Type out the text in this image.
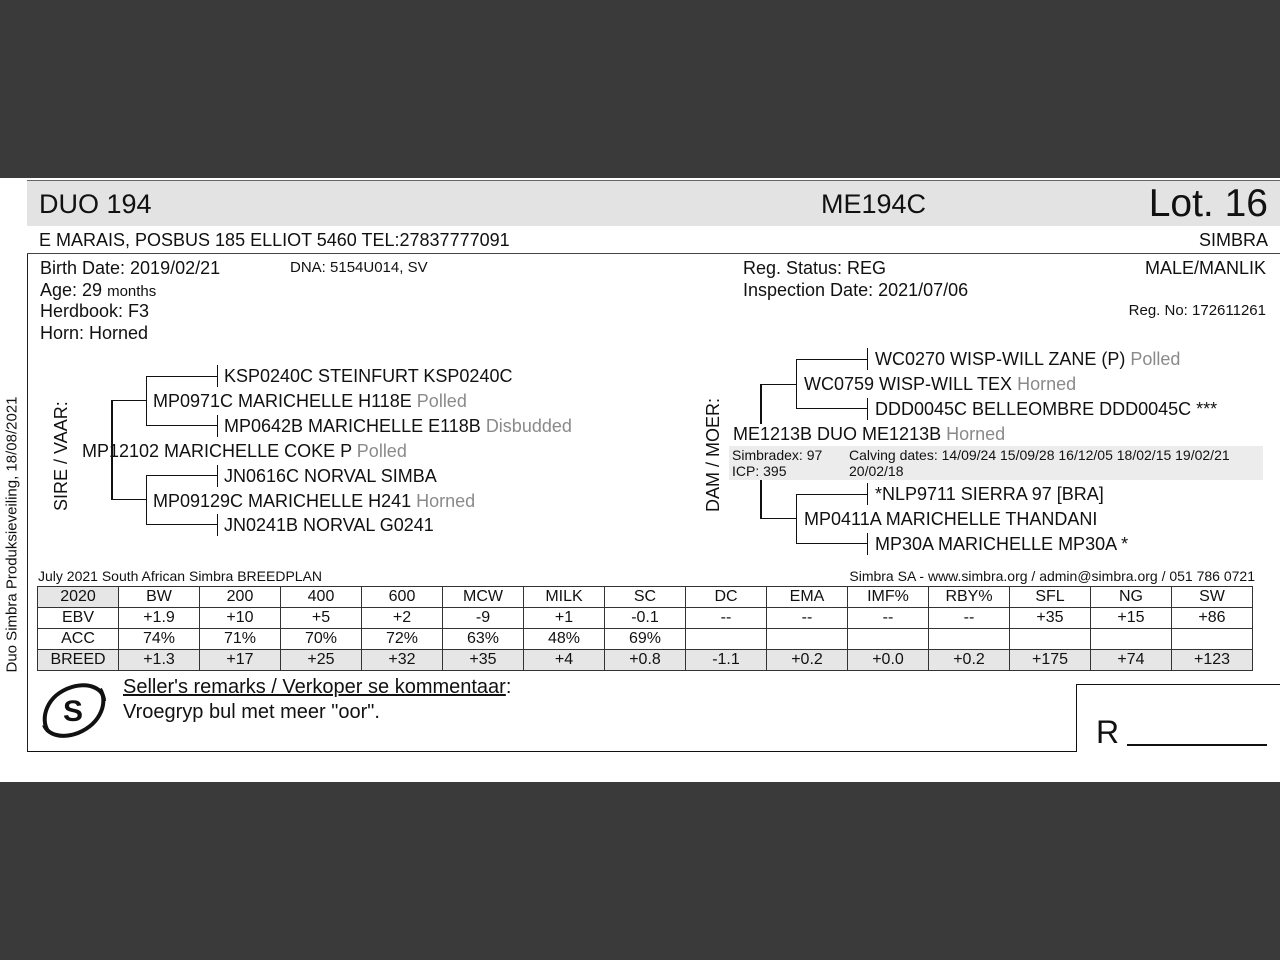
Duo Simbra Produksieveiling, 18/08/2021
DUO 194	ME194C	Lot. 16
E MARAIS, POSBUS 185 ELLIOT 5460 TEL:27837777091	SIMBRA
Birth Date: 2019/02/21	DNA: 5154U014, SV
Age: 29 months
Herdbook: F3
Horn: Horned
Reg. Status: REG
Inspection Date: 2021/07/06
MALE/MANLIK
Reg. No: 172611261
SIRE / VAAR: MP12102 MARICHELLE COKE P Polled
MP0971C MARICHELLE H118E Polled
KSP0240C STEINFURT KSP0240C
MP0642B MARICHELLE E118B Disbudded
MP09129C MARICHELLE H241 Horned
JN0616C NORVAL SIMBA
JN0241B NORVAL G0241
DAM / MOER:
WC0270 WISP-WILL ZANE (P) Polled
WC0759 WISP-WILL TEX Horned
DDD0045C BELLEOMBRE DDD0045C ***
ME1213B DUO ME1213B Horned
Simbradex: 97
ICP: 395
Calving dates: 14/09/24 15/09/28 16/12/05 18/02/15 19/02/21
20/02/18
*NLP9711 SIERRA 97 [BRA]
MP0411A MARICHELLE THANDANI
MP30A MARICHELLE MP30A *
July 2021 South African Simbra BREEDPLAN	Simbra SA - www.simbra.org / admin@simbra.org / 051 786 0721
2020	BW	200	400	600	MCW	MILK	SC	DC	EMA	IMF%	RBY%	SFL	NG	SW
EBV	+1.9	+10	+5	+2	-9	+1	-0.1	--	--	--	--	+35	+15	+86
ACC	74%	71%	70%	72%	63%	48%	69%							
BREED	+1.3	+17	+25	+32	+35	+4	+0.8	-1.1	+0.2	+0.0	+0.2	+175	+74	+123
S
Seller's remarks / Verkoper se kommentaar:
Vroegryp bul met meer "oor".
R
